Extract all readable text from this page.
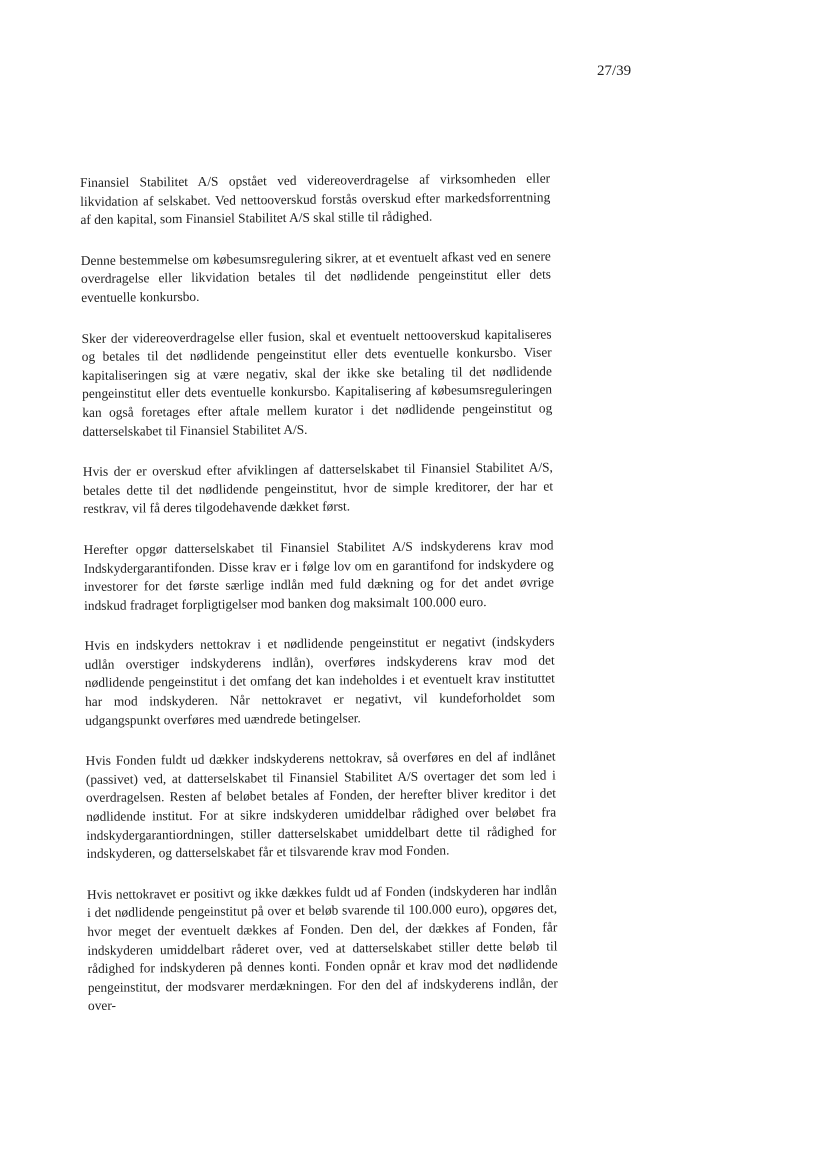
27/39

Finansiel Stabilitet A/S opstået ved videreoverdragelse af virksomheden eller likvidation af selskabet. Ved nettooverskud forstås overskud efter markedsforrentning af den kapital, som Finansiel Stabilitet A/S skal stille til rådighed.

Denne bestemmelse om købesumsregulering sikrer, at et eventuelt afkast ved en senere overdragelse eller likvidation betales til det nødlidende pengeinstitut eller dets eventuelle konkursbo.

Sker der videreoverdragelse eller fusion, skal et eventuelt nettooverskud kapitaliseres og betales til det nødlidende pengeinstitut eller dets eventuelle konkursbo. Viser kapitaliseringen sig at være negativ, skal der ikke ske betaling til det nødlidende pengeinstitut eller dets eventuelle konkursbo. Kapitalisering af købesumsreguleringen kan også foretages efter aftale mellem kurator i det nødlidende pengeinstitut og datterselskabet til Finansiel Stabilitet A/S.

Hvis der er overskud efter afviklingen af datterselskabet til Finansiel Stabilitet A/S, betales dette til det nødlidende pengeinstitut, hvor de simple kreditorer, der har et restkrav, vil få deres tilgodehavende dækket først.

Herefter opgør datterselskabet til Finansiel Stabilitet A/S indskyderens krav mod Indskydergarantifonden. Disse krav er i følge lov om en garantifond for indskydere og investorer for det første særlige indlån med fuld dækning og for det andet øvrige indskud fradraget forpligtigelser mod banken dog maksimalt 100.000 euro.

Hvis en indskyders nettokrav i et nødlidende pengeinstitut er negativt (indskyders udlån overstiger indskyderens indlån), overføres indskyderens krav mod det nødlidende pengeinstitut i det omfang det kan indeholdes i et eventuelt krav instituttet har mod indskyderen. Når nettokravet er negativt, vil kundeforholdet som udgangspunkt overføres med uændrede betingelser.

Hvis Fonden fuldt ud dækker indskyderens nettokrav, så overføres en del af indlånet (passivet) ved, at datterselskabet til Finansiel Stabilitet A/S overtager det som led i overdragelsen. Resten af beløbet betales af Fonden, der herefter bliver kreditor i det nødlidende institut. For at sikre indskyderen umiddelbar rådighed over beløbet fra indskydergarantiordningen, stiller datterselskabet umiddelbart dette til rådighed for indskyderen, og datterselskabet får et tilsvarende krav mod Fonden.

Hvis nettokravet er positivt og ikke dækkes fuldt ud af Fonden (indskyderen har indlån i det nødlidende pengeinstitut på over et beløb svarende til 100.000 euro), opgøres det, hvor meget der eventuelt dækkes af Fonden. Den del, der dækkes af Fonden, får indskyderen umiddelbart råderet over, ved at datterselskabet stiller dette beløb til rådighed for indskyderen på dennes konti. Fonden opnår et krav mod det nødlidende pengeinstitut, der modsvarer merdækningen. For den del af indskyderens indlån, der over-
